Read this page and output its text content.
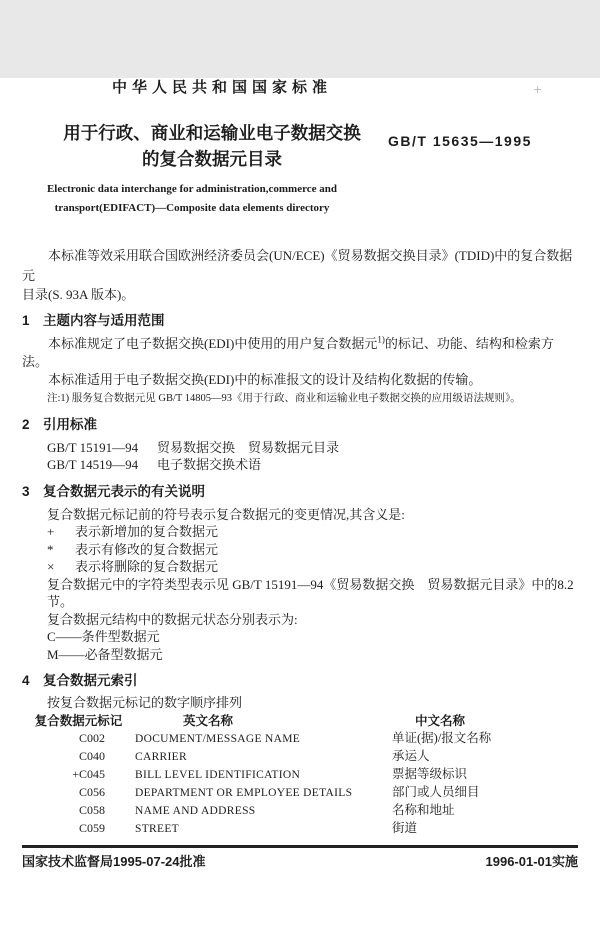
+
中华人民共和国国家标准
用于行政、商业和运输业电子数据交换
的复合数据元目录
GB/T 15635—1995
Electronic data interchange for administration,commerce and
transport(EDIFACT)—Composite data elements directory
本标准等效采用联合国欧洲经济委员会(UN/ECE)《贸易数据交换目录》(TDID)中的复合数据元
目录(S. 93A 版本)。
1　主题内容与适用范围
本标准规定了电子数据交换(EDI)中使用的用户复合数据元$^{1)}$的标记、功能、结构和检索方法。
本标准适用于电子数据交换(EDI)中的标准报文的设计及结构化数据的传输。
注:1) 服务复合数据元见 GB/T 14805—93《用于行政、商业和运输业电子数据交换的应用级语法规则》。
2　引用标准
GB/T 15191—94 贸易数据交换　贸易数据元目录
GB/T 14519—94 电子数据交换术语
3　复合数据元表示的有关说明
复合数据元标记前的符号表示复合数据元的变更情况,其含义是:
+	表示新增加的复合数据元
*	表示有修改的复合数据元
×	表示将删除的复合数据元
复合数据元中的字符类型表示见 GB/T 15191—94《贸易数据交换　贸易数据元目录》中的8.2节。
复合数据元结构中的数据元状态分别表示为:
C——条件型数据元
M——必备型数据元
4　复合数据元索引
按复合数据元标记的数字顺序排列
复合数据元标记	英文名称	中文名称
C002	DOCUMENT/MESSAGE NAME	单证(据)/报文名称
C040	CARRIER	承运人
+C045	BILL LEVEL IDENTIFICATION	票据等级标识
C056	DEPARTMENT OR EMPLOYEE DETAILS	部门或人员细目
C058	NAME AND ADDRESS	名称和地址
C059	STREET	街道
国家技术监督局1995-07-24批准	1996-01-01实施
